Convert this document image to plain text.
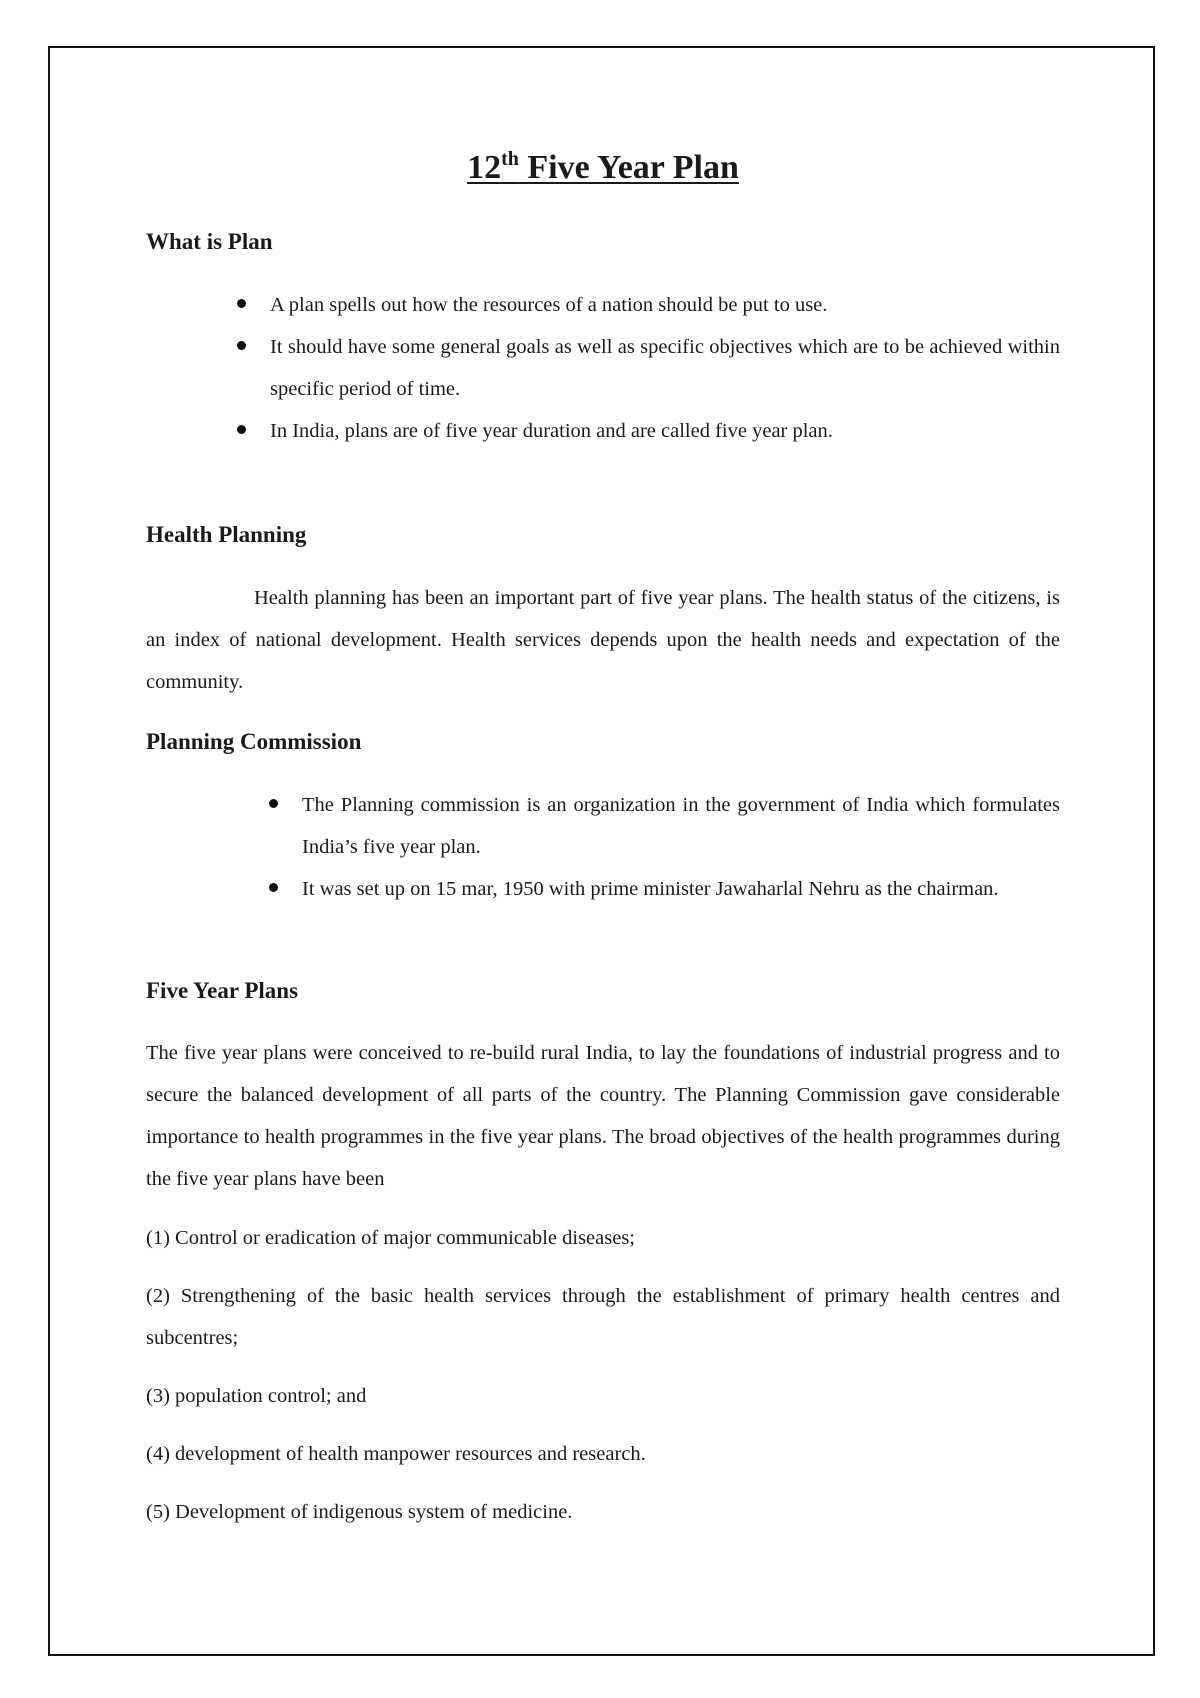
12th Five Year Plan
What is Plan
A plan spells out how the resources of a nation should be put to use.
It should have some general goals as well as specific objectives which are to be achieved within specific period of time.
In India, plans are of five year duration and are called five year plan.
Health Planning
Health planning has been an important part of five year plans. The health status of the citizens, is an index of national development. Health services depends upon the health needs and expectation of the community.
Planning Commission
The Planning commission is an organization in the government of India which formulates India’s five year plan.
It was set up on 15 mar, 1950 with prime minister Jawaharlal Nehru as the chairman.
Five Year Plans
The five year plans were conceived to re-build rural India, to lay the foundations of industrial progress and to secure the balanced development of all parts of the country. The Planning Commission gave considerable importance to health programmes in the five year plans. The broad objectives of the health programmes during the five year plans have been
(1) Control or eradication of major communicable diseases;
(2) Strengthening of the basic health services through the establishment of primary health centres and subcentres;
(3) population control; and
(4) development of health manpower resources and research.
(5) Development of indigenous system of medicine.
